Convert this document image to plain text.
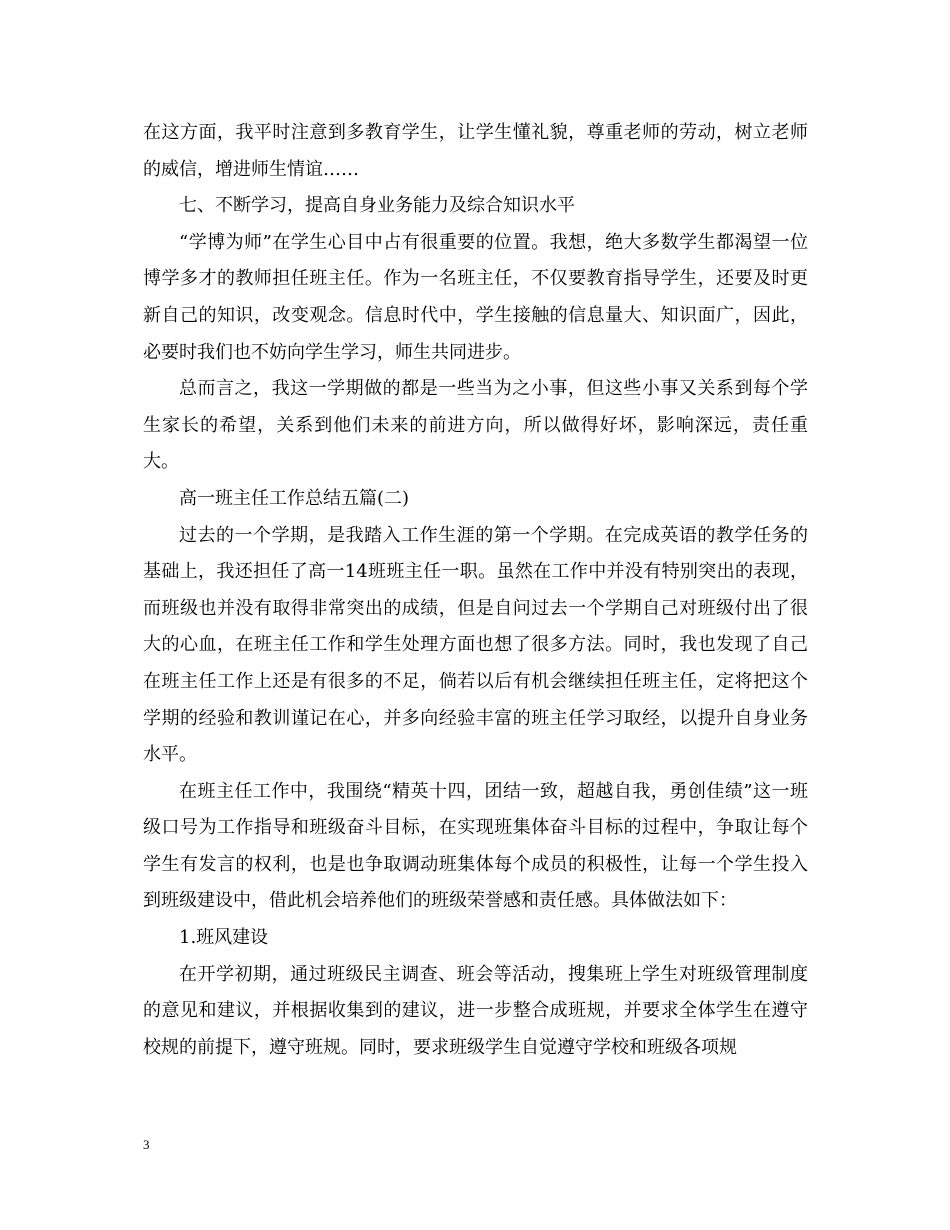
在这方面，我平时注意到多教育学生，让学生懂礼貌，尊重老师的劳动，树立老师的威信，增进师生情谊……

七、不断学习，提高自身业务能力及综合知识水平

“学博为师”在学生心目中占有很重要的位置。我想，绝大多数学生都渴望一位博学多才的教师担任班主任。作为一名班主任，不仅要教育指导学生，还要及时更新自己的知识，改变观念。信息时代中，学生接触的信息量大、知识面广，因此，必要时我们也不妨向学生学习，师生共同进步。

总而言之，我这一学期做的都是一些当为之小事，但这些小事又关系到每个学生家长的希望，关系到他们未来的前进方向，所以做得好坏，影响深远，责任重大。

高一班主任工作总结五篇(二)

过去的一个学期，是我踏入工作生涯的第一个学期。在完成英语的教学任务的基础上，我还担任了高一14班班主任一职。虽然在工作中并没有特别突出的表现，而班级也并没有取得非常突出的成绩，但是自问过去一个学期自己对班级付出了很大的心血，在班主任工作和学生处理方面也想了很多方法。同时，我也发现了自己在班主任工作上还是有很多的不足，倘若以后有机会继续担任班主任，定将把这个学期的经验和教训谨记在心，并多向经验丰富的班主任学习取经，以提升自身业务水平。

在班主任工作中，我围绕“精英十四，团结一致，超越自我，勇创佳绩”这一班级口号为工作指导和班级奋斗目标，在实现班集体奋斗目标的过程中，争取让每个学生有发言的权利，也是也争取调动班集体每个成员的积极性，让每一个学生投入到班级建设中，借此机会培养他们的班级荣誉感和责任感。具体做法如下：

1.班风建设

在开学初期，通过班级民主调查、班会等活动，搜集班上学生对班级管理制度的意见和建议，并根据收集到的建议，进一步整合成班规，并要求全体学生在遵守校规的前提下，遵守班规。同时，要求班级学生自觉遵守学校和班级各项规

3
